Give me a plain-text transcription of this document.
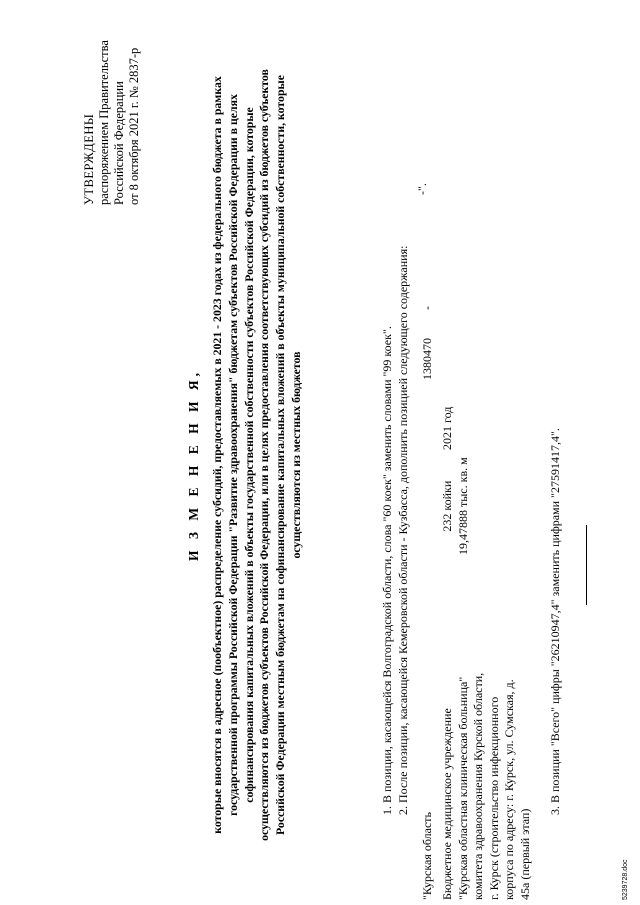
УТВЕРЖДЕНЫ распоряжением Правительства Российской Федерации от 8 октября 2021 г. № 2837-р
И З М Е Н Е Н И Я, которые вносятся в адресное (пообъектное) распределение субсидий, предоставляемых в 2021 - 2023 годах из федерального бюджета в рамках государственной программы Российской Федерации "Развитие здравоохранения" бюджетам субъектов Российской Федерации в целях софинансирования капитальных вложений в объекты государственной собственности субъектов Российской Федерации, которые осуществляются из бюджетов субъектов Российской Федерации, или в целях предоставления соответствующих субсидий из бюджетов субъектов Российской Федерации местным бюджетам на софинансирование капитальных вложений в объекты муниципальной собственности, которые осуществляются из местных бюджетов	1. В позиции, касающейся Волгоградской области, слова "60 коек" заменить словами "99 коек". 2. После позиции, касающейся Кемеровской области - Кузбасса, дополнить позицией следующего содержания:
"Курская область Бюджетное медицинское учреждение "Курская областная клиническая больница" комитета здравоохранения Курской области, г. Курск (строительство инфекционного корпуса по адресу: г. Курск, ул. Сумская, д. 45а (первый этап)
232 койки 19,47888 тыс. кв. м
2021 год
1380470
-
-".
3. В позиции "Всего" цифры "26210947,4" заменить цифрами "27591417,4".
5239728.doc
